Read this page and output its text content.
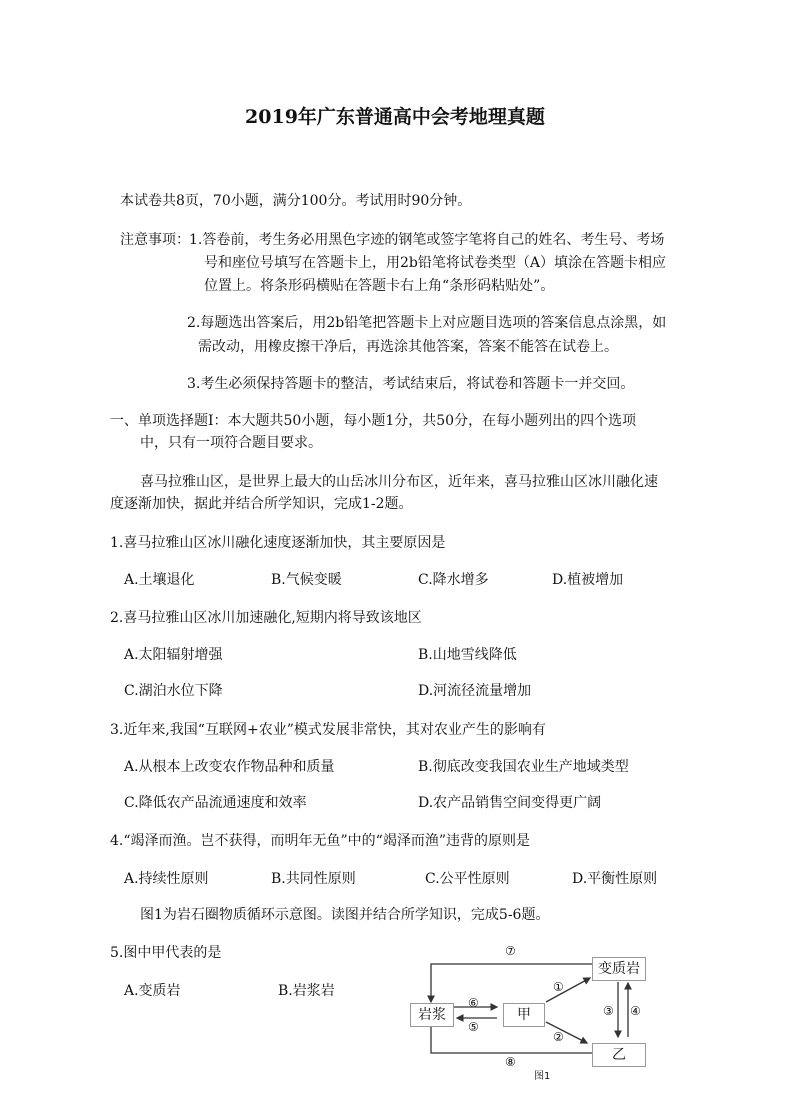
2019年广东普通高中会考地理真题
本试卷共8页，70小题，满分100分。考试用时90分钟。
注意事项： 1.答卷前，考生务必用黑色字迹的钢笔或签字笔将自己的姓名、考生号、考场
号和座位号填写在答题卡上，用2b铅笔将试卷类型（A）填涂在答题卡相应
位置上。将条形码横贴在答题卡右上角“条形码粘贴处”。
2.每题选出答案后，用2b铅笔把答题卡上对应题目选项的答案信息点涂黑，如
需改动，用橡皮擦干净后，再选涂其他答案，答案不能答在试卷上。
3.考生必须保持答题卡的整洁，考试结束后，将试卷和答题卡一并交回。
一、单项选择题Ⅰ：本大题共50小题，每小题1分，共50分，在每小题列出的四个选项
中，只有一项符合题目要求。
喜马拉雅山区，是世界上最大的山岳冰川分布区，近年来，喜马拉雅山区冰川融化速
度逐渐加快，据此并结合所学知识，完成1-2题。
1.喜马拉雅山区冰川融化速度逐渐加快，其主要原因是
A.土壤退化	B.气候变暖	C.降水增多	D.植被增加
2.喜马拉雅山区冰川加速融化,短期内将导致该地区
A.太阳辐射增强	B.山地雪线降低
C.湖泊水位下降	D.河流径流量增加
3.近年来,我国“互联网+农业”模式发展非常快，其对农业产生的影响有
A.从根本上改变农作物品种和质量	B.彻底改变我国农业生产地域类型
C.降低农产品流通速度和效率	D.农产品销售空间变得更广阔
4.“竭泽而渔。岂不获得，而明年无鱼”中的“竭泽而渔”违背的原则是
A.持续性原则	B.共同性原则	C.公平性原则	D.平衡性原则
图1为岩石圈物质循环示意图。读图并结合所学知识，完成5-6题。
5.图中甲代表的是
A.变质岩	B.岩浆岩
岩浆	甲
变质岩
乙
①
②
③ ④
⑤
⑥
⑦
⑧
图1
